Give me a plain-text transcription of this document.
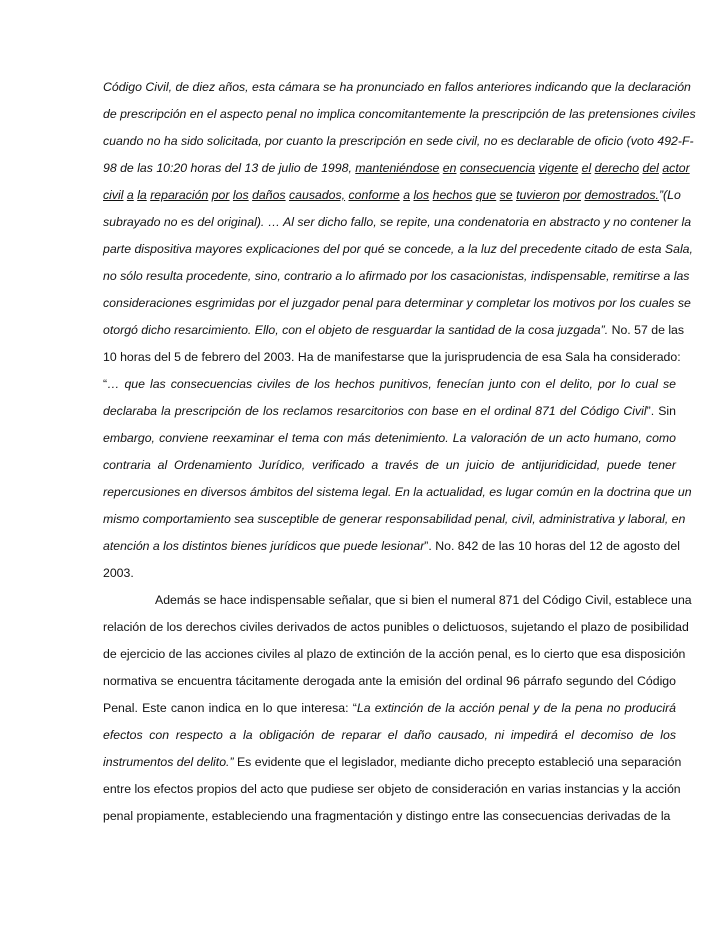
Código Civil, de diez años, esta cámara se ha pronunciado en fallos anteriores indicando que la declaración
de prescripción en el aspecto penal no implica concomitantemente la prescripción de las pretensiones civiles
cuando no ha sido solicitada, por cuanto la prescripción en sede civil, no es declarable de oficio (voto 492-F-
98 de las 10:20 horas del 13 de julio de 1998, manteniéndose en consecuencia vigente el derecho del actor
civil a la reparación por los daños causados, conforme a los hechos que se tuvieron por demostrados.”(Lo
subrayado no es del original). … Al ser dicho fallo, se repite, una condenatoria en abstracto y no contener la
parte dispositiva mayores explicaciones del por qué se concede, a la luz del precedente citado de esta Sala,
no sólo resulta procedente, sino, contrario a lo afirmado por los casacionistas, indispensable, remitirse a las
consideraciones esgrimidas por el juzgador penal para determinar y completar los motivos por los cuales se
otorgó dicho resarcimiento. Ello, con el objeto de resguardar la santidad de la cosa juzgada”. No. 57 de las
10 horas del 5 de febrero del 2003. Ha de manifestarse que la jurisprudencia de esa Sala ha considerado:
“… que las consecuencias civiles de los hechos punitivos, fenecían junto con el delito, por lo cual se
declaraba la prescripción de los reclamos resarcitorios con base en el ordinal 871 del Código Civil”. Sin
embargo, conviene reexaminar el tema con más detenimiento. La valoración de un acto humano, como
contraria al Ordenamiento Jurídico, verificado a través de un juicio de antijuridicidad, puede tener
repercusiones en diversos ámbitos del sistema legal. En la actualidad, es lugar común en la doctrina que un
mismo comportamiento sea susceptible de generar responsabilidad penal, civil, administrativa y laboral, en
atención a los distintos bienes jurídicos que puede lesionar”. No. 842 de las 10 horas del 12 de agosto del
2003.
Además se hace indispensable señalar, que si bien el numeral 871 del Código Civil, establece una
relación de los derechos civiles derivados de actos punibles o delictuosos, sujetando el plazo de posibilidad
de ejercicio de las acciones civiles al plazo de extinción de la acción penal, es lo cierto que esa disposición
normativa se encuentra tácitamente derogada ante la emisión del ordinal 96 párrafo segundo del Código
Penal. Este canon indica en lo que interesa: “La extinción de la acción penal y de la pena no producirá
efectos con respecto a la obligación de reparar el daño causado, ni impedirá el decomiso de los
instrumentos del delito.” Es evidente que el legislador, mediante dicho precepto estableció una separación
entre los efectos propios del acto que pudiese ser objeto de consideración en varias instancias y la acción
penal propiamente, estableciendo una fragmentación y distingo entre las consecuencias derivadas de la
